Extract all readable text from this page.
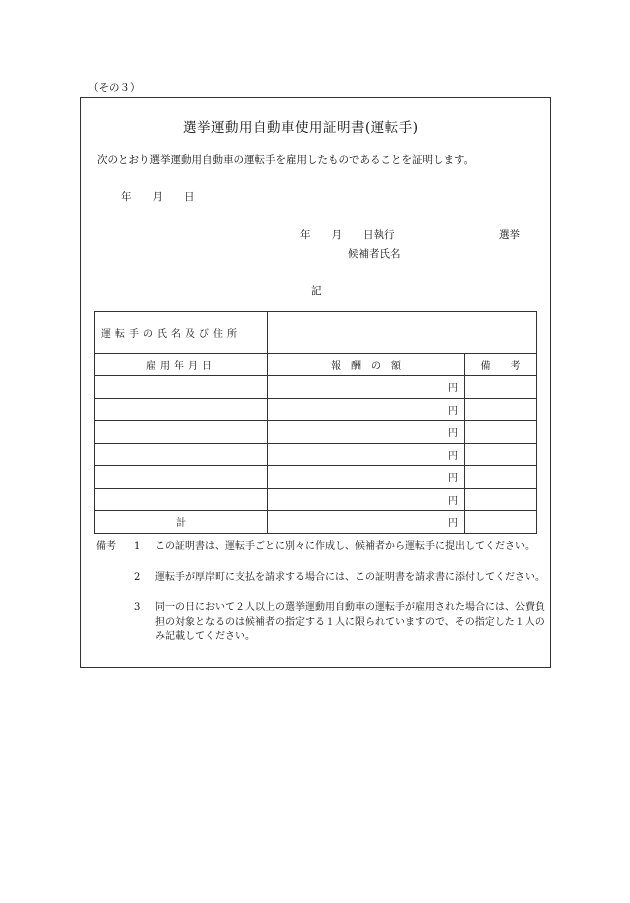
（その３）
選挙運動用自動車使用証明書(運転手)
次のとおり選挙運動用自動車の運転手を雇用したものであることを証明します。
年　　月　　日
年　　月　　日執行	選挙
候補者氏名
記
運転手の氏名及び住所		
雇用年月日	報　酬　の　額	備　　考
	円	
	円	
	円	
	円	
	円	
	円	
計	円	
備考 1 この証明書は、運転手ごとに別々に作成し、候補者から運転手に提出してください。
2 運転手が厚岸町に支払を請求する場合には、この証明書を請求書に添付してください。
3 同一の日において２人以上の選挙運動用自動車の運転手が雇用された場合には、公費負担の対象となるのは候補者の指定する１人に限られていますので、その指定した１人のみ記載してください。
